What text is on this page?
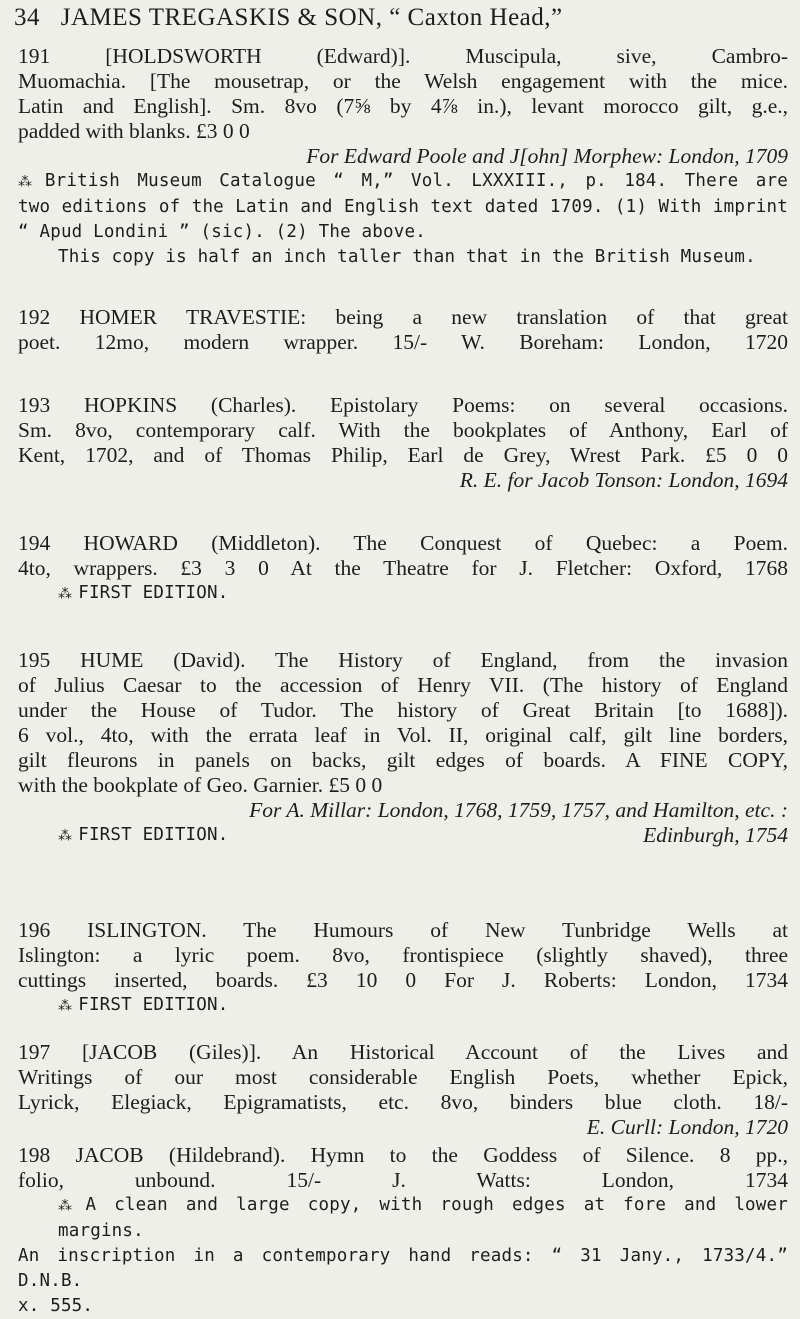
34 JAMES TREGASKIS & SON, “ Caxton Head,”
191 [HOLDSWORTH (Edward)]. Muscipula, sive, Cambro-
Muomachia. [The mousetrap, or the Welsh engagement with the mice.
Latin and English]. Sm. 8vo (7⅝ by 4⅞ in.), levant morocco gilt, g.e.,
padded with blanks. £3 0 0
For Edward Poole and J[ohn] Morphew: London, 1709
⁂ British Museum Catalogue “ M,” Vol. LXXXIII., p. 184. There are
two editions of the Latin and English text dated 1709. (1) With imprint
“ Apud Londini ” (sic). (2) The above.
This copy is half an inch taller than that in the British Museum.
192 HOMER TRAVESTIE: being a new translation of that great
poet. 12mo, modern wrapper. 15/- W. Boreham: London, 1720
193 HOPKINS (Charles). Epistolary Poems: on several occasions.
Sm. 8vo, contemporary calf. With the bookplates of Anthony, Earl of
Kent, 1702, and of Thomas Philip, Earl de Grey, Wrest Park. £5 0 0
R. E. for Jacob Tonson: London, 1694
194 HOWARD (Middleton). The Conquest of Quebec: a Poem.
4to, wrappers. £3 3 0 At the Theatre for J. Fletcher: Oxford, 1768
⁂ FIRST EDITION.
195 HUME (David). The History of England, from the invasion
of Julius Caesar to the accession of Henry VII. (The history of England
under the House of Tudor. The history of Great Britain [to 1688]).
6 vol., 4to, with the errata leaf in Vol. II, original calf, gilt line borders,
gilt fleurons in panels on backs, gilt edges of boards. A FINE COPY,
with the bookplate of Geo. Garnier. £5 0 0
For A. Millar: London, 1768, 1759, 1757, and Hamilton, etc. :
Edinburgh, 1754
⁂ FIRST EDITION.
196 ISLINGTON. The Humours of New Tunbridge Wells at
Islington: a lyric poem. 8vo, frontispiece (slightly shaved), three
cuttings inserted, boards. £3 10 0 For J. Roberts: London, 1734
⁂ FIRST EDITION.
197 [JACOB (Giles)]. An Historical Account of the Lives and
Writings of our most considerable English Poets, whether Epick,
Lyrick, Elegiack, Epigramatists, etc. 8vo, binders blue cloth. 18/-
E. Curll: London, 1720
198 JACOB (Hildebrand). Hymn to the Goddess of Silence. 8 pp.,
folio, unbound. 15/- J. Watts: London, 1734
⁂ A clean and large copy, with rough edges at fore and lower margins.
An inscription in a contemporary hand reads: “ 31 Jany., 1733/4.” D.N.B.
x. 555.
